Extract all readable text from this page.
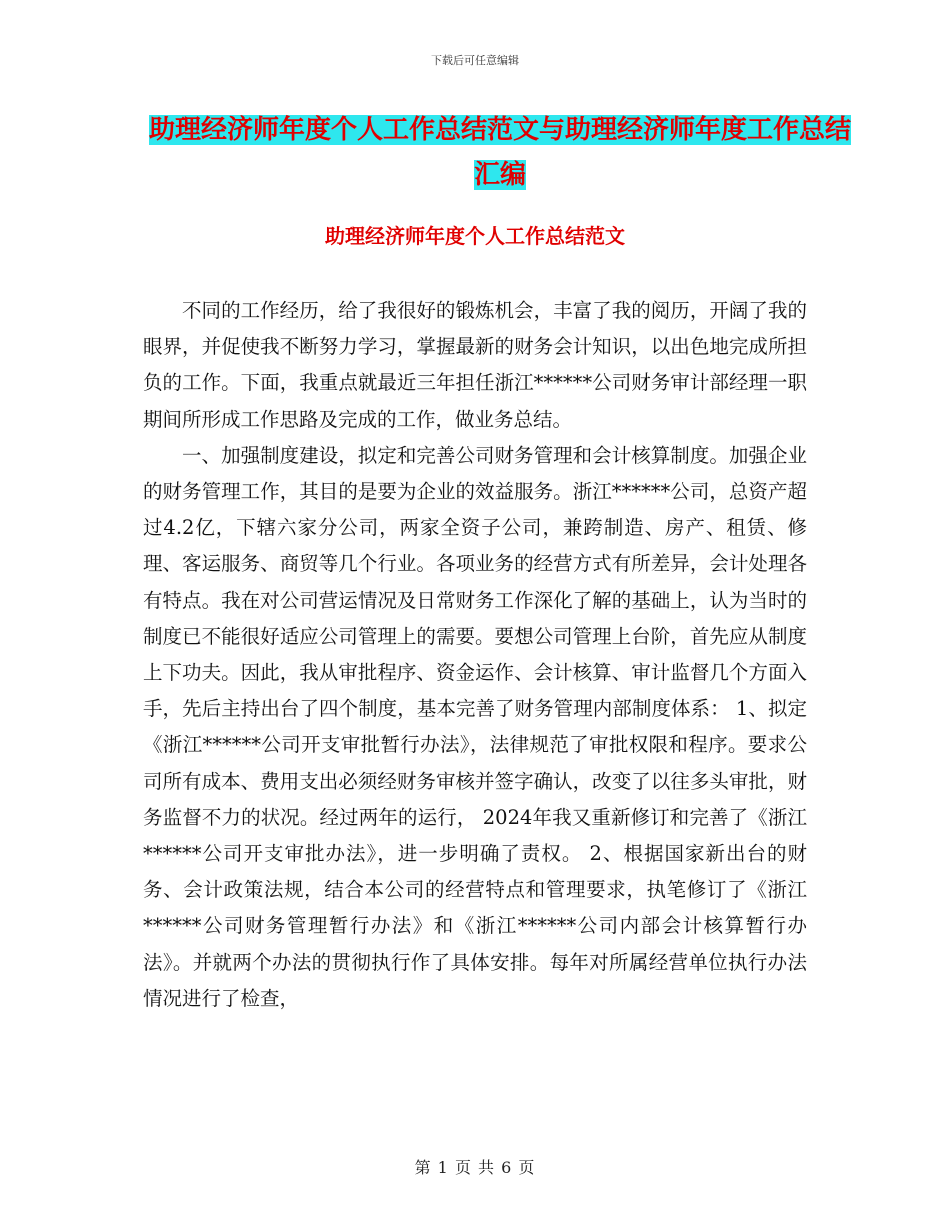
下载后可任意编辑
助理经济师年度个人工作总结范文与助理经济师年度工作总结汇编
助理经济师年度个人工作总结范文

不同的工作经历，给了我很好的锻炼机会，丰富了我的阅历，开阔了我的眼界，并促使我不断努力学习，掌握最新的财务会计知识，以出色地完成所担负的工作。下面，我重点就最近三年担任浙江******公司财务审计部经理一职期间所形成工作思路及完成的工作，做业务总结。

一、加强制度建设，拟定和完善公司财务管理和会计核算制度。加强企业的财务管理工作，其目的是要为企业的效益服务。浙江******公司，总资产超过4.2亿，下辖六家分公司，两家全资子公司，兼跨制造、房产、租赁、修理、客运服务、商贸等几个行业。各项业务的经营方式有所差异，会计处理各有特点。我在对公司营运情况及日常财务工作深化了解的基础上，认为当时的制度已不能很好适应公司管理上的需要。要想公司管理上台阶，首先应从制度上下功夫。因此，我从审批程序、资金运作、会计核算、审计监督几个方面入手，先后主持出台了四个制度，基本完善了财务管理内部制度体系： 1、拟定《浙江******公司开支审批暂行办法》，法律规范了审批权限和程序。要求公司所有成本、费用支出必须经财务审核并签字确认，改变了以往多头审批，财务监督不力的状况。经过两年的运行， 2024年我又重新修订和完善了《浙江******公司开支审批办法》，进一步明确了责权。 2、根据国家新出台的财务、会计政策法规，结合本公司的经营特点和管理要求，执笔修订了《浙江******公司财务管理暂行办法》和《浙江******公司内部会计核算暂行办法》。并就两个办法的贯彻执行作了具体安排。每年对所属经营单位执行办法情况进行了检查，

第 1 页 共 6 页
